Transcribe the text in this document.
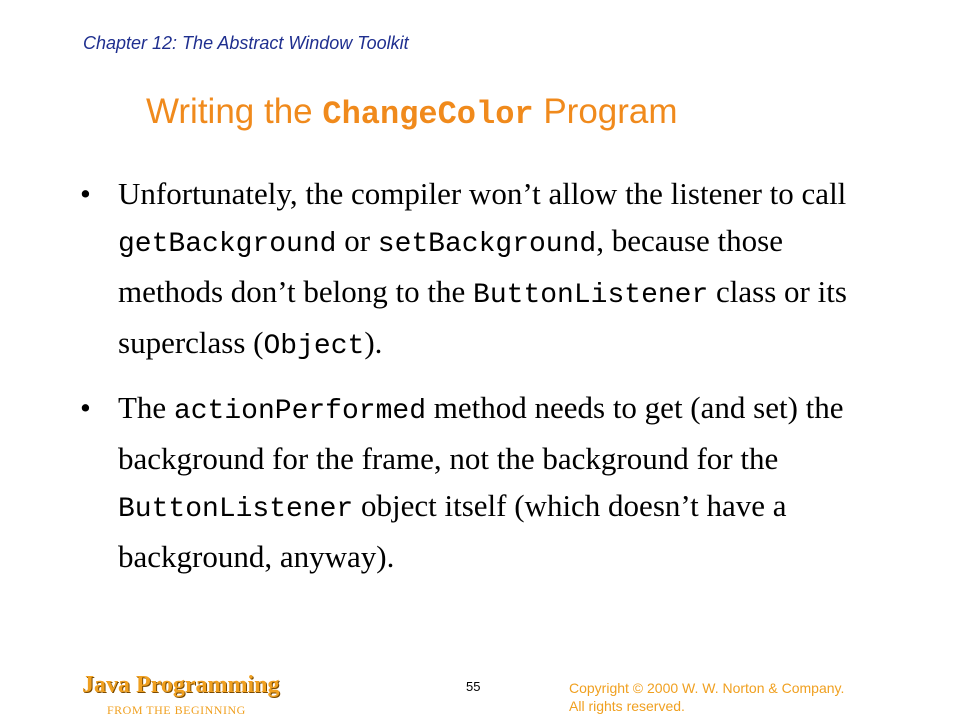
Chapter 12: The Abstract Window Toolkit
Writing the ChangeColor Program
• Unfortunately, the compiler won’t allow the listener to call getBackground or setBackground, because those methods don’t belong to the ButtonListener class or its superclass (Object).
• The actionPerformed method needs to get (and set) the background for the frame, not the background for the ButtonListener object itself (which doesn’t have a background, anyway).
Java Programming
FROM THE BEGINNING
55	Copyright © 2000 W. W. Norton & Company.
All rights reserved.
